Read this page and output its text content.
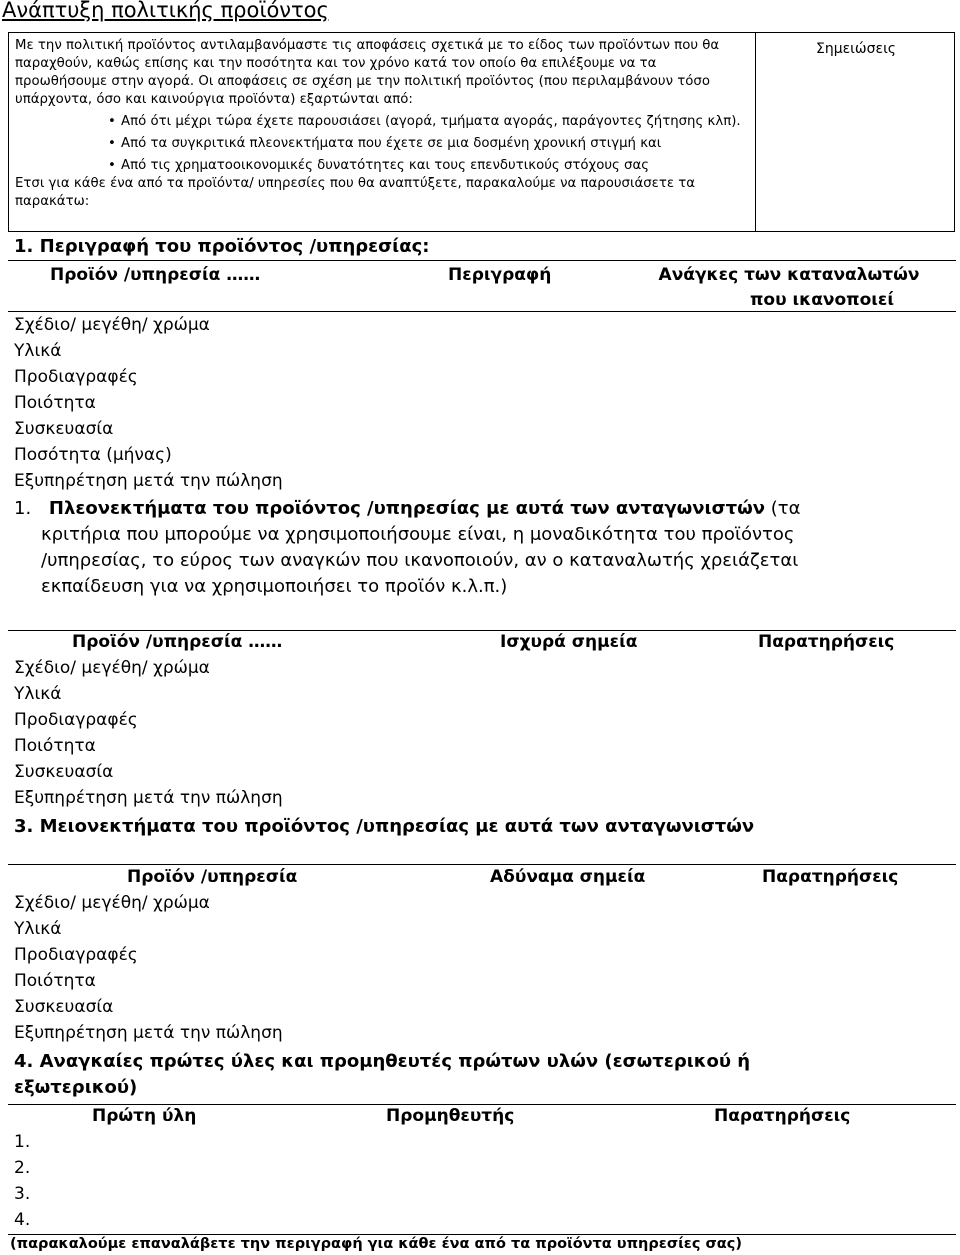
Ανάπτυξη πολιτικής προϊόντος

Με την πολιτική προϊόντος αντιλαμβανόμαστε τις αποφάσεις σχετικά με το είδος των προϊόντων που θα παραχθούν, καθώς επίσης και την ποσότητα και τον χρόνο κατά τον οποίο θα επιλέξουμε να τα προωθήσουμε στην αγορά. Οι αποφάσεις σε σχέση με την πολιτική προϊόντος (που περιλαμβάνουν τόσο υπάρχοντα, όσο και καινούργια προϊόντα) εξαρτώνται από:

• Από ότι μέχρι τώρα έχετε παρουσιάσει (αγορά, τμήματα αγοράς, παράγοντες ζήτησης κλπ).
• Από τα συγκριτικά πλεονεκτήματα που έχετε σε μια δοσμένη χρονική στιγμή και
• Από τις χρηματοοικονομικές δυνατότητες και τους επενδυτικούς στόχους σας

Ετσι για κάθε ένα από τα προϊόντα/ υπηρεσίες που θα αναπτύξετε, παρακαλούμε να παρουσιάσετε τα παρακάτω:

Σημειώσεις
1. Περιγραφή του προϊόντος /υπηρεσίας:
Προϊόν /υπηρεσία ……	Περιγραφή	Ανάγκες των καταναλωτών
που ικανοποιεί
Σχέδιο/ μεγέθη/ χρώμα
Υλικά
Προδιαγραφές
Ποιότητα
Συσκευασία
Ποσότητα (μήνας)
Εξυπηρέτηση μετά την πώληση
1. Πλεονεκτήματα του προϊόντος /υπηρεσίας με αυτά των ανταγωνιστών (τα
κριτήρια που μπορούμε να χρησιμοποιήσουμε είναι, η μοναδικότητα του προϊόντος
/υπηρεσίας, το εύρος των αναγκών που ικανοποιούν, αν ο καταναλωτής χρειάζεται
εκπαίδευση για να χρησιμοποιήσει το προϊόν κ.λ.π.)
Προϊόν /υπηρεσία ……	Ισχυρά σημεία	Παρατηρήσεις
Σχέδιο/ μεγέθη/ χρώμα
Υλικά
Προδιαγραφές
Ποιότητα
Συσκευασία
Εξυπηρέτηση μετά την πώληση
3. Μειονεκτήματα του προϊόντος /υπηρεσίας με αυτά των ανταγωνιστών
Προϊόν /υπηρεσία	Αδύναμα σημεία	Παρατηρήσεις
Σχέδιο/ μεγέθη/ χρώμα
Υλικά
Προδιαγραφές
Ποιότητα
Συσκευασία
Εξυπηρέτηση μετά την πώληση
4. Αναγκαίες πρώτες ύλες και προμηθευτές πρώτων υλών (εσωτερικού ή
εξωτερικού)
Πρώτη ύλη	Προμηθευτής	Παρατηρήσεις
1.
2.
3.
4.
(παρακαλούμε επαναλάβετε την περιγραφή για κάθε ένα από τα προϊόντα υπηρεσίες σας)
